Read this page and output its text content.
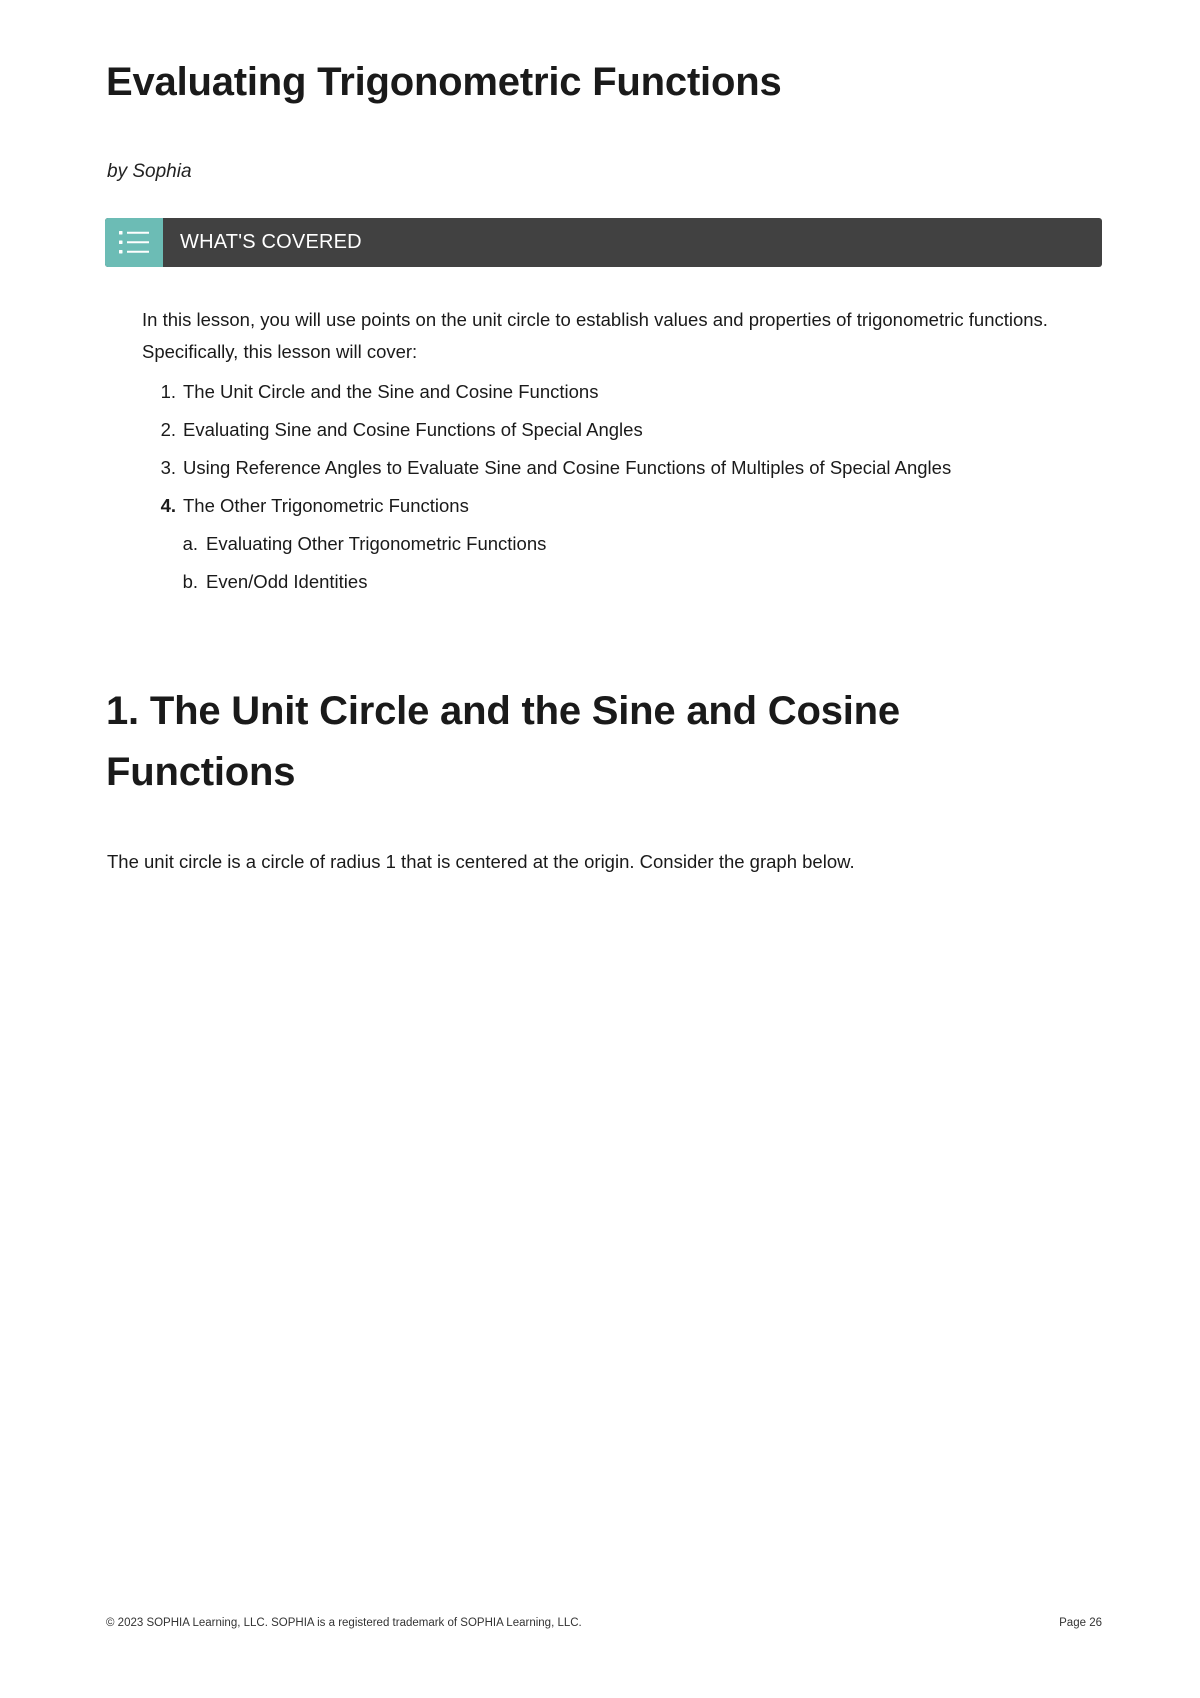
Evaluating Trigonometric Functions
by Sophia
WHAT'S COVERED

In this lesson, you will use points on the unit circle to establish values and properties of trigonometric functions. Specifically, this lesson will cover:

1. The Unit Circle and the Sine and Cosine Functions
2. Evaluating Sine and Cosine Functions of Special Angles
3. Using Reference Angles to Evaluate Sine and Cosine Functions of Multiples of Special Angles
4. The Other Trigonometric Functions
a. Evaluating Other Trigonometric Functions
b. Even/Odd Identities
1. The Unit Circle and the Sine and Cosine Functions

The unit circle is a circle of radius 1 that is centered at the origin. Consider the graph below.

© 2023 SOPHIA Learning, LLC. SOPHIA is a registered trademark of SOPHIA Learning, LLC.	Page 26
